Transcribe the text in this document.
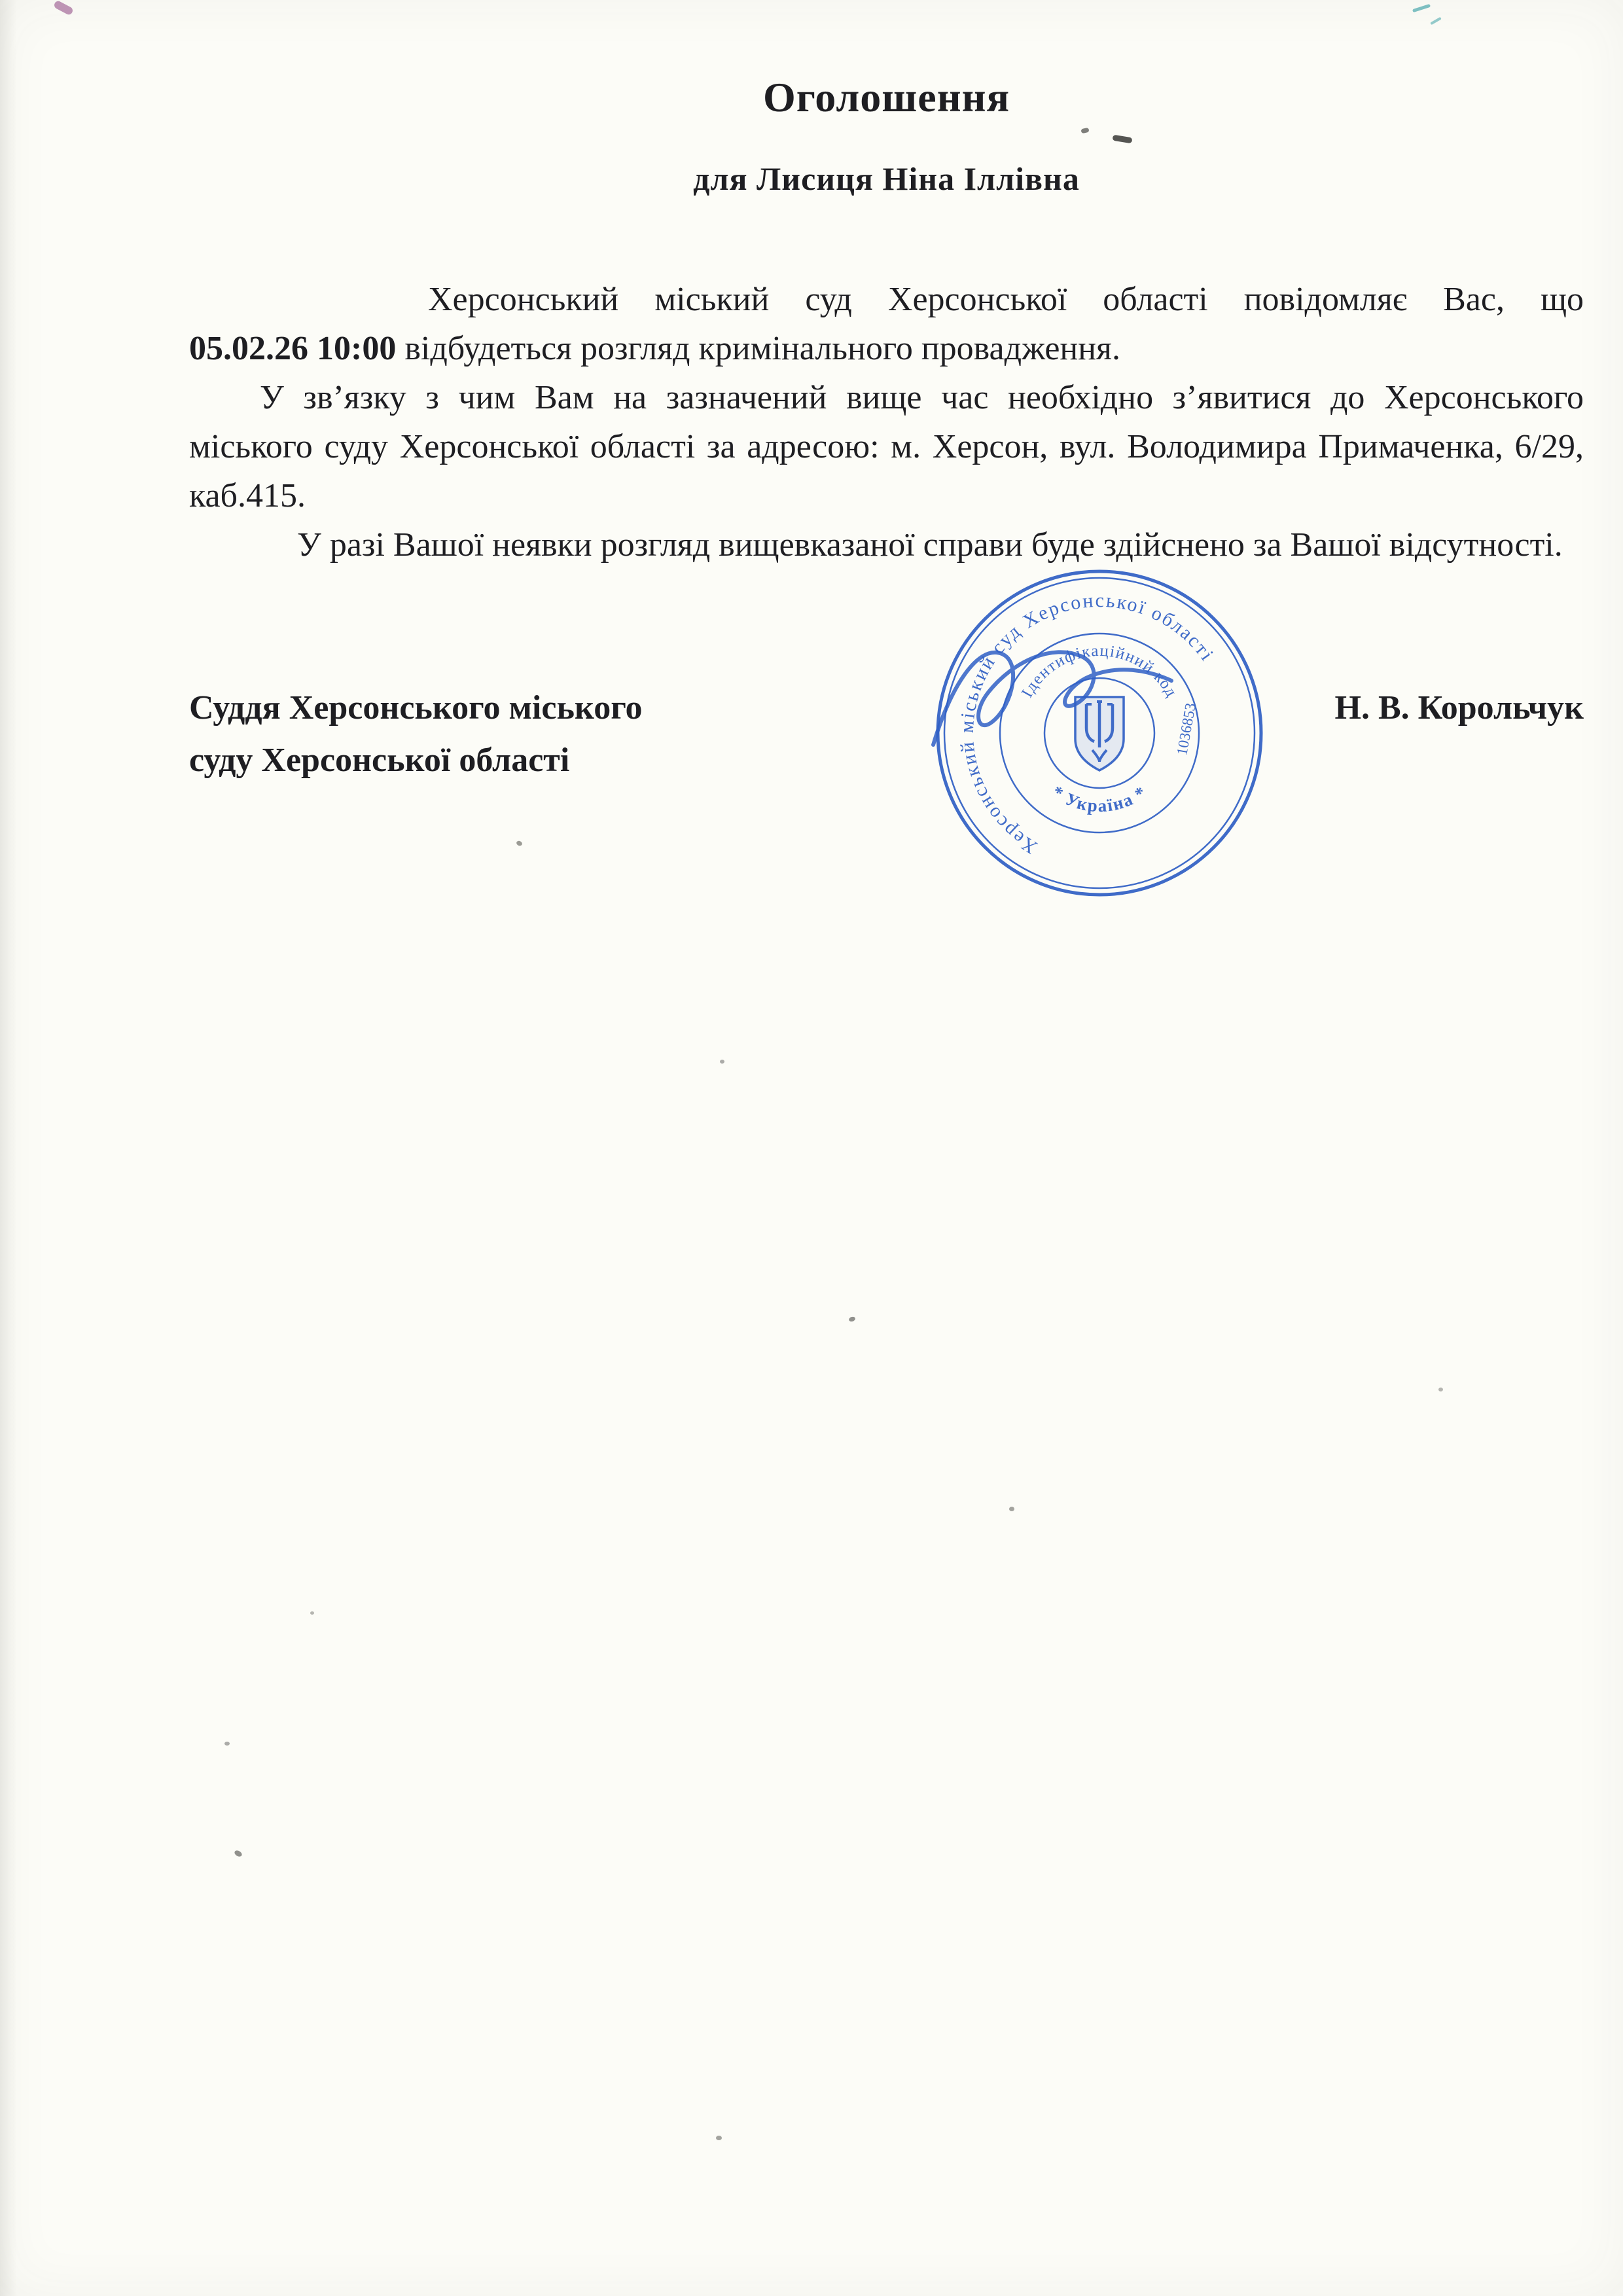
Оголошення
для Лисиця Ніна Іллівна

Херсонський міський суд Херсонської області повідомляє Вас, що 05.02.26 10:00 відбудеться розгляд кримінального провадження.

У зв’язку з чим Вам на зазначений вище час необхідно з’явитися до Херсонського міського суду Херсонської області за адресою: м. Херсон, вул. Володимира Примаченка, 6/29, каб.415.

У разі Вашої неявки розгляд вищевказаної справи буде здійснено за Вашої відсутності.

Суддя Херсонського міського
суду Херсонської області
Н. В. Корольчук
Херсонський міський суд Херсонської області
Ідентифікаційний код
* Україна *
1036853
